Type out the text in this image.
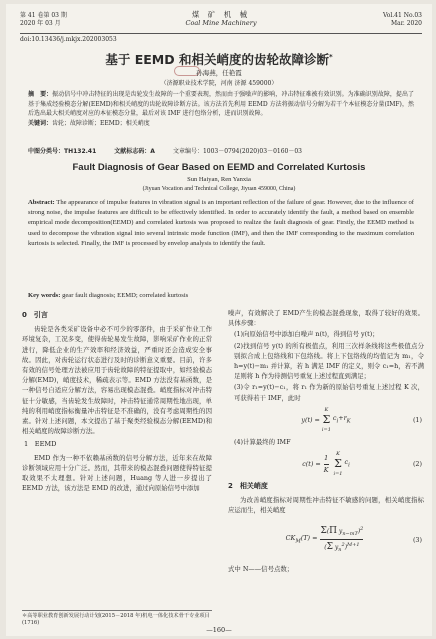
第 41 卷第 03 期
2020 年 03 月
煤 矿 机 械
Coal Mine Machinery
Vol.41 No.03
Mar. 2020
doi:10.13436/j.mkjx.202003053
基于 EEMD 和相关峭度的齿轮故障诊断*
孙海燕，任艳霞
（济源职业技术学院，河南 济源 459000）
摘　要：振动信号中冲击特征的出现是齿轮发生故障的一个重要表现，然而由于强噪声的影响，冲击特征难被有效识别。为准确识别故障，提出了基于集成经验模态分解(EEMD)和相关峭度的齿轮故障诊断方法。该方法首先利用 EEMD 方法将振动信号分解为若干个本征模态分量(IMF)，然后选出最大相关峭度对应的本征模态分量，最后对该 IMF 进行包络分析，进而识别故障。
关键词：齿轮；故障诊断；EEMD；相关峭度
中图分类号：TH132.41	文献标志码：A	文章编号：1003－0794(2020)03－0160－03
Fault Diagnosis of Gear Based on EEMD and Correlated Kurtosis
Sun Haiyan, Ren Yanxia
(Jiyuan Vocation and Technical College, Jiyuan 459000, China)
Abstract: The appearance of impulse features in vibration signal is an important reflection of the failure of gear. However, due to the influence of strong noise, the impulse features are difficult to be effectively identified. In order to accurately identify the fault, a method based on ensemble empirical mode decomposition(EEMD) and correlated kurtosis was proposed to realize the fault diagnosis of gear. Firstly, the EEMD method is used to decompose the vibration signal into several intrinsic mode function (IMF), and then the IMF corresponding to the maximum correlation kurtosis is selected. Finally, the IMF is processed by envelop analysis to identify the fault.
Key words: gear fault diagnosis; EEMD; correlated kurtosis
0　引言

齿轮是各类采矿设备中必不可少的零部件，由于采矿作业工作环境复杂，工况多变，使得齿轮易发生故障，影响采矿作业的正常进行，降低企业的生产效率和经济效益，严重时还会造成安全事故。因此，对齿轮运行状态进行及时的诊断意义重要。目前，许多有效的信号处理方法被应用于齿轮故障的特征提取中，如经验模态分解(EMD)，峭度技术，稀疏表示等。EMD 方法没有基函数，是一种信号自适应分解方法，容易出现模态混叠。峭度指标对冲击特征十分敏感，当齿轮发生故障时，冲击特征通常周期性地出现，单纯的利用峭度指标衡量冲击特征是不准确的，没有考虑周期性的因素。针对上述问题，本文提出了基于聚类经验模态分解(EEMD)和相关峭度的故障诊断方法。

1　EEMD

EMD 作为一种不依赖基函数的信号分解方法，近年来在故障诊断领域应用十分广泛。然而，其带来的模态混叠问题使得特征提取效果不太理想。针对上述问题，Huang 等人进一步提出了 EEMD 方法，该方法是 EMD 的改进，通过向原始信号中添加

噪声，有效解决了 EMD产生的模态混叠现象，取得了较好的效果。具体步骤：

(1)向原始信号中添加白噪声 n(t)，得到信号 y(t)；

(2)找到信号 y(t) 的所有极值点，利用三次样条线将这些极值点分别拟合成上包络线和下包络线。将上下包络线的均值记为 m₁，令 h=y(t)−m₁ 并计算，若 h 满足 IMF 的定义，则令 c₁=h，若不满足则将 h 作为待测信号重复上述过程直到满足；

(3)令 r₁=y(t)−c₁，将 r₁ 作为新的原始信号重复上述过程 K 次，可获得若干 IMF，此时

y(t) =
K
Σ
i=1
$c_i+r_K$	(1)

(4)计算最终的 IMF

$c(t) = \frac{1}{K}$ K
Σ
i=1
$c_i$	(2)
2　相关峭度

为改善峭度指标对周期性冲击特征不敏感的问题，相关峭度指标应运而生，相关峭度

$CK_M(T) = \frac{\Sigma(\Pi y_{n-mT})^2}{(\Sigma y_n^2)^{M+1}}$	(3)

式中 N——信号点数；

＊高等职业教育创新发展行动计划(2015－2018 年)机电一体化技术骨干专业项目(1716)
—160—
